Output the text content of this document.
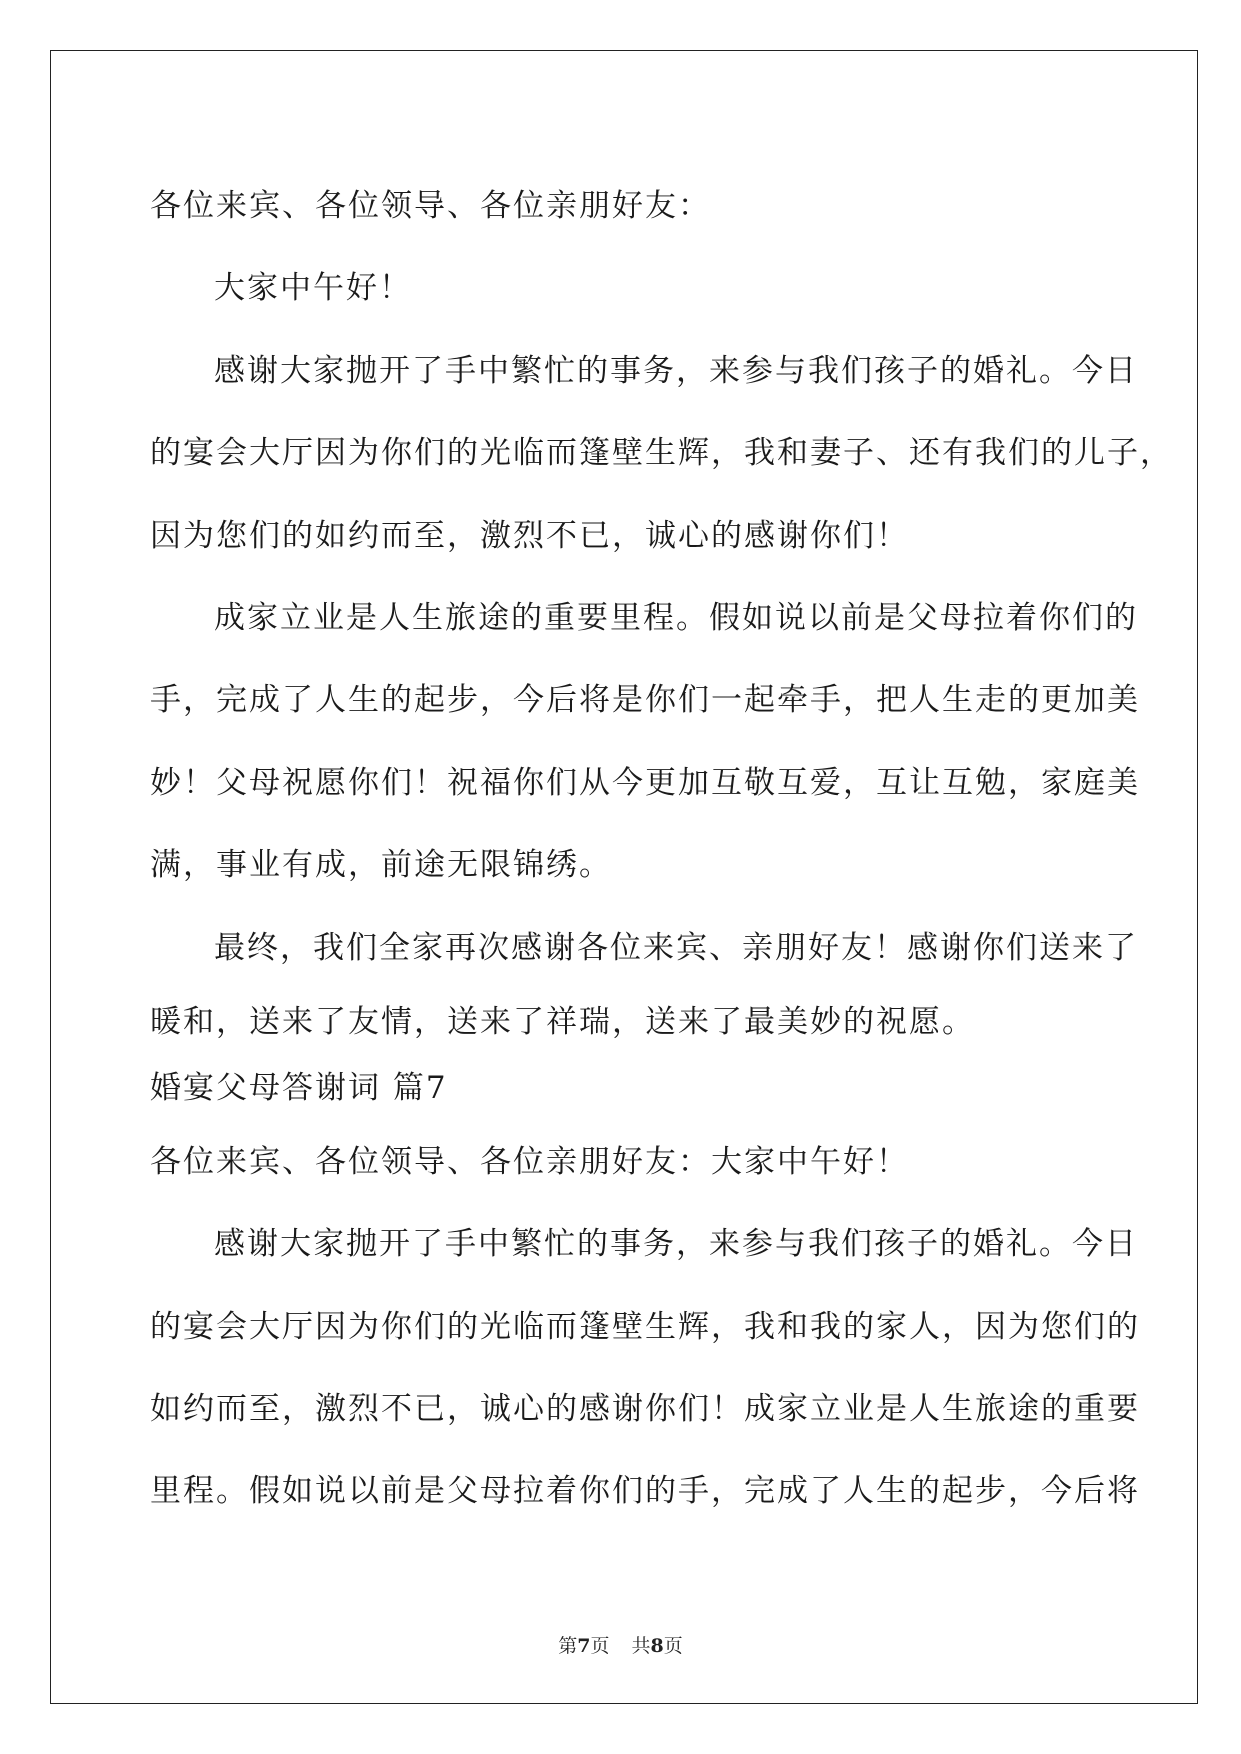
各位来宾、各位领导、各位亲朋好友：
大家中午好！
感谢大家抛开了手中繁忙的事务，来参与我们孩子的婚礼。今日
的宴会大厅因为你们的光临而篷壁生辉，我和妻子、还有我们的儿子，
因为您们的如约而至，激烈不已，诚心的感谢你们！
成家立业是人生旅途的重要里程。假如说以前是父母拉着你们的
手，完成了人生的起步，今后将是你们一起牵手，把人生走的更加美
妙！父母祝愿你们！祝福你们从今更加互敬互爱，互让互勉，家庭美
满，事业有成，前途无限锦绣。
最终，我们全家再次感谢各位来宾、亲朋好友！感谢你们送来了
暖和，送来了友情，送来了祥瑞，送来了最美妙的祝愿。
婚宴父母答谢词 篇7
各位来宾、各位领导、各位亲朋好友：大家中午好！
感谢大家抛开了手中繁忙的事务，来参与我们孩子的婚礼。今日
的宴会大厅因为你们的光临而篷壁生辉，我和我的家人，因为您们的
如约而至，激烈不已，诚心的感谢你们！成家立业是人生旅途的重要
里程。假如说以前是父母拉着你们的手，完成了人生的起步，今后将
第7页 共8页
